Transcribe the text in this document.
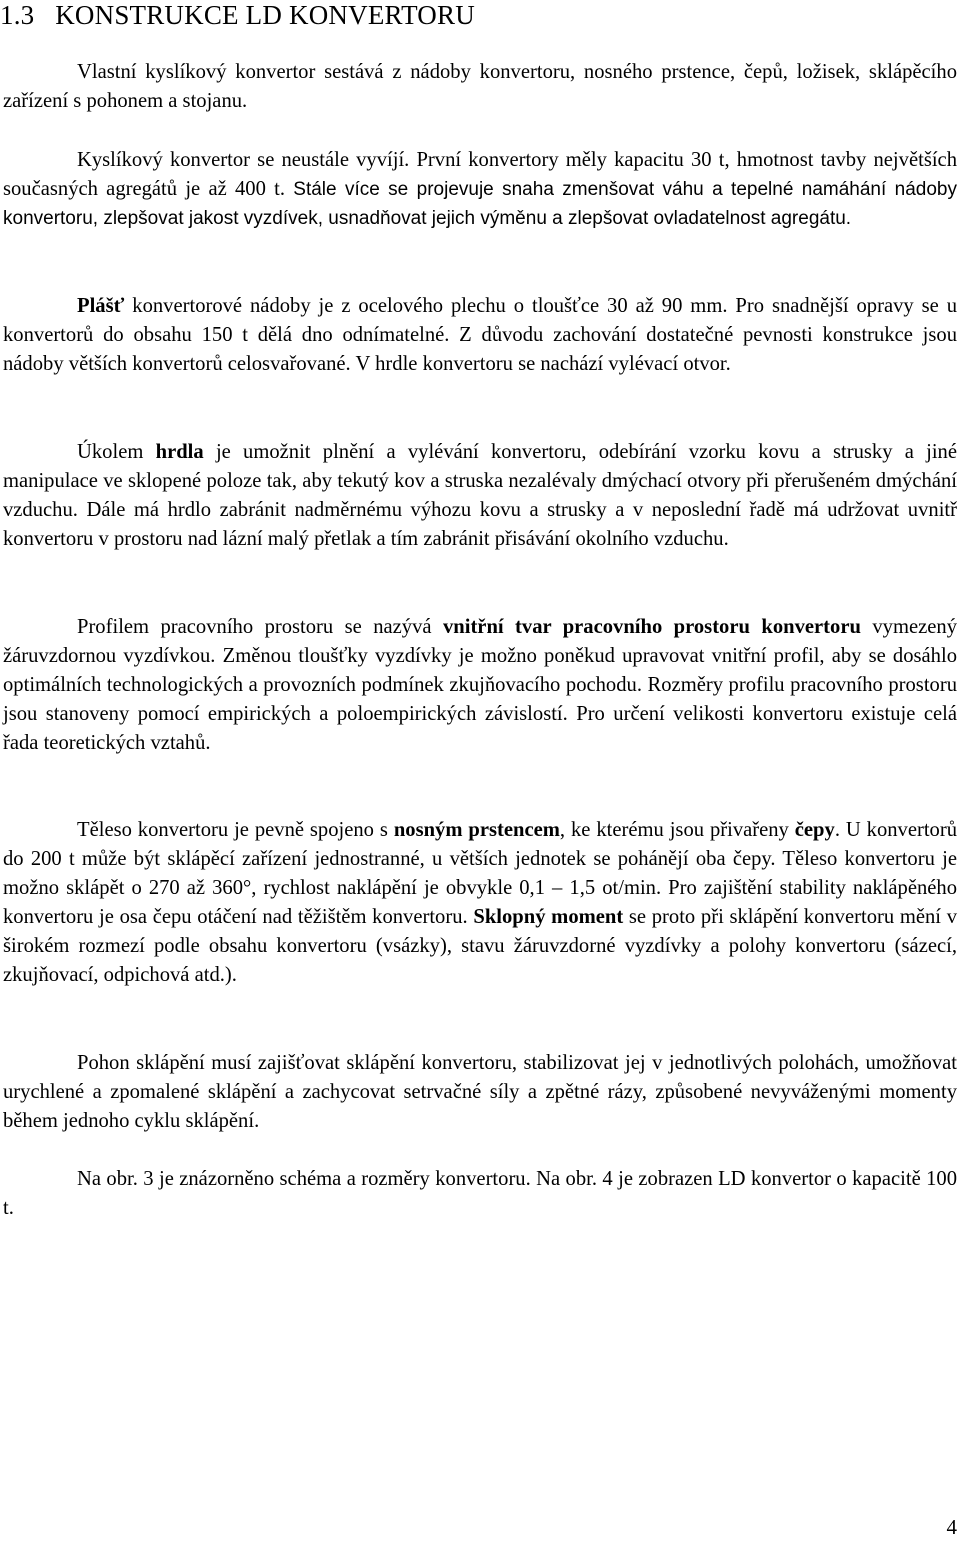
1.3 KONSTRUKCE LD KONVERTORU

Vlastní kyslíkový konvertor sestává z nádoby konvertoru, nosného prstence, čepů, ložisek, sklápěcího zařízení s pohonem a stojanu.

Kyslíkový konvertor se neustále vyvíjí. První konvertory měly kapacitu 30 t, hmotnost tavby největších současných agregátů je až 400 t. Stále více se projevuje snaha zmenšovat váhu a tepelné namáhání nádoby konvertoru, zlepšovat jakost vyzdívek, usnadňovat jejich výměnu a zlepšovat ovladatelnost agregátu.

Plášť konvertorové nádoby je z ocelového plechu o tloušťce 30 až 90 mm. Pro snadnější opravy se u konvertorů do obsahu 150 t dělá dno odnímatelné. Z důvodu zachování dostatečné pevnosti konstrukce jsou nádoby větších konvertorů celosvařované. V hrdle konvertoru se nachází vylévací otvor.

Úkolem hrdla je umožnit plnění a vylévání konvertoru, odebírání vzorku kovu a strusky a jiné manipulace ve sklopené poloze tak, aby tekutý kov a struska nezalévaly dmýchací otvory při přerušeném dmýchání vzduchu. Dále má hrdlo zabránit nadměrnému výhozu kovu a strusky a v neposlední řadě má udržovat uvnitř konvertoru v prostoru nad lázní malý přetlak a tím zabránit přisávání okolního vzduchu.

Profilem pracovního prostoru se nazývá vnitřní tvar pracovního prostoru konvertoru vymezený žáruvzdornou vyzdívkou. Změnou tloušťky vyzdívky je možno poněkud upravovat vnitřní profil, aby se dosáhlo optimálních technologických a provozních podmínek zkujňovacího pochodu. Rozměry profilu pracovního prostoru jsou stanoveny pomocí empirických a poloempirických závislostí. Pro určení velikosti konvertoru existuje celá řada teoretických vztahů.

Těleso konvertoru je pevně spojeno s nosným prstencem, ke kterému jsou přivařeny čepy. U konvertorů do 200 t může být sklápěcí zařízení jednostranné, u větších jednotek se pohánějí oba čepy. Těleso konvertoru je možno sklápět o 270 až 360°, rychlost naklápění je obvykle 0,1 – 1,5 ot/min. Pro zajištění stability naklápěného konvertoru je osa čepu otáčení nad těžištěm konvertoru. Sklopný moment se proto při sklápění konvertoru mění v širokém rozmezí podle obsahu konvertoru (vsázky), stavu žáruvzdorné vyzdívky a polohy konvertoru (sázecí, zkujňovací, odpichová atd.).

Pohon sklápění musí zajišťovat sklápění konvertoru, stabilizovat jej v jednotlivých polohách, umožňovat urychlené a zpomalené sklápění a zachycovat setrvačné síly a zpětné rázy, způsobené nevyváženými momenty během jednoho cyklu sklápění.

Na obr. 3 je znázorněno schéma a rozměry konvertoru. Na obr. 4 je zobrazen LD konvertor o kapacitě 100 t.

4
